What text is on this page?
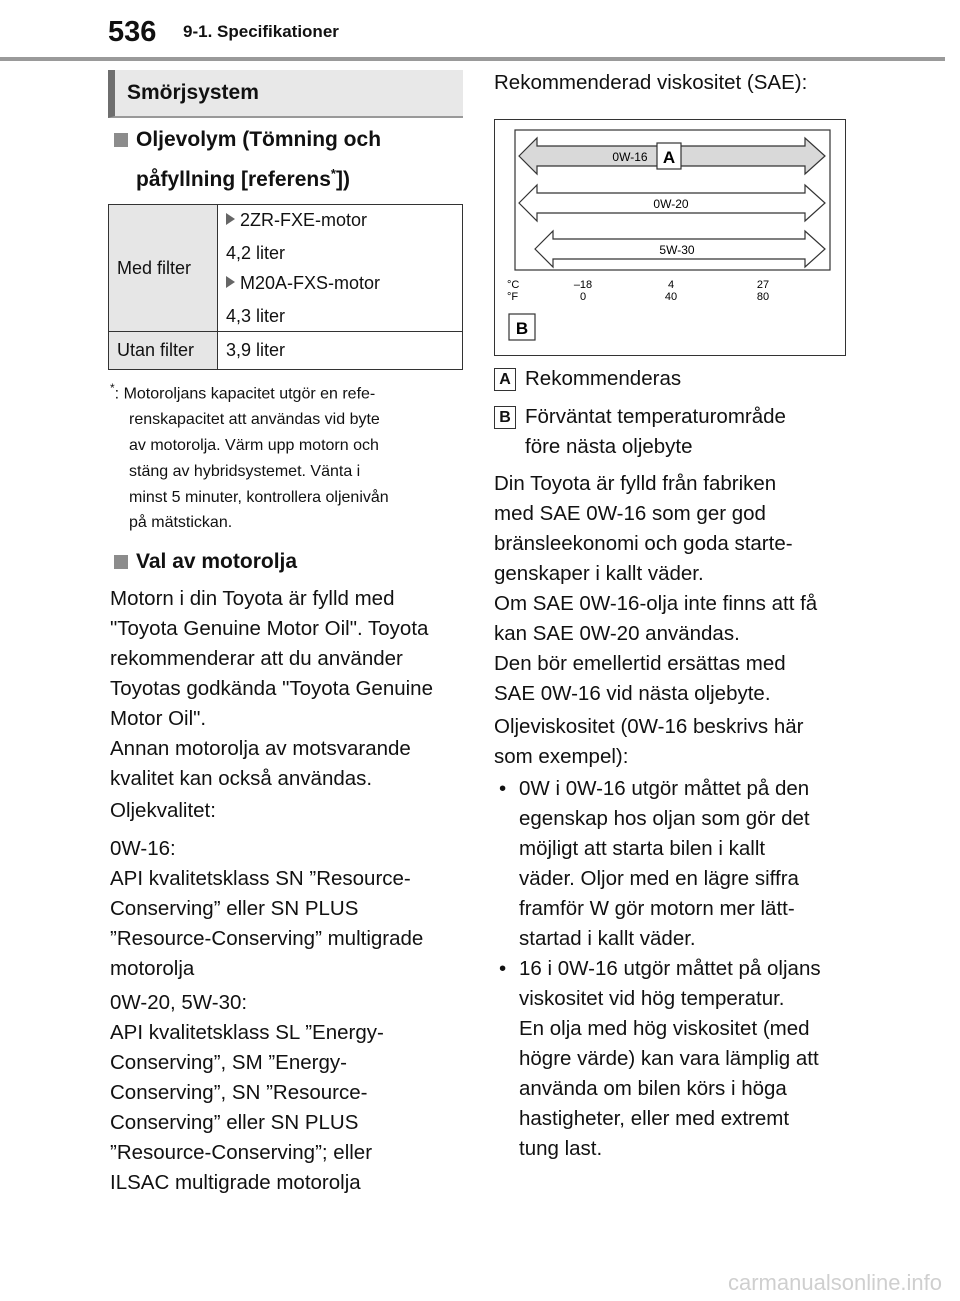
536 9-1. Specifikationer
Smörjsystem
Oljevolym (Tömning och
påfyllning [referens*])
Med filter	2ZR-FXE-motor
4,2 liter
M20A-FXS-motor
4,3 liter

Utan filter	3,9 liter
*: Motoroljans kapacitet utgör en refe-
renskapacitet att användas vid byte
av motorolja. Värm upp motorn och
stäng av hybridsystemet. Vänta i
minst 5 minuter, kontrollera oljenivån
på mätstickan.
Val av motorolja
Motorn i din Toyota är fylld med
"Toyota Genuine Motor Oil". Toyota
rekommenderar att du använder
Toyotas godkända "Toyota Genuine
Motor Oil".
Annan motorolja av motsvarande
kvalitet kan också användas.
Oljekvalitet:
0W-16:
API kvalitetsklass SN ”Resource-
Conserving” eller SN PLUS
”Resource-Conserving” multigrade
motorolja
0W-20, 5W-30:
API kvalitetsklass SL ”Energy-
Conserving”, SM ”Energy-
Conserving”, SN ”Resource-
Conserving” eller SN PLUS
”Resource-Conserving”; eller
ILSAC multigrade motorolja
Rekommenderad viskositet (SAE):
0W-16 A
0W-20
5W-30
°C
°F
–18
0
4
40
27
80
B
A Rekommenderas
B Förväntat temperaturområde
före nästa oljebyte
Din Toyota är fylld från fabriken
med SAE 0W-16 som ger god
bränsleekonomi och goda starte-
genskaper i kallt väder.
Om SAE 0W-16-olja inte finns att få
kan SAE 0W-20 användas.
Den bör emellertid ersättas med
SAE 0W-16 vid nästa oljebyte.
Oljeviskositet (0W-16 beskrivs här
som exempel):
• 0W i 0W-16 utgör måttet på den
egenskap hos oljan som gör det
möjligt att starta bilen i kallt
väder. Oljor med en lägre siffra
framför W gör motorn mer lätt-
startad i kallt väder.
• 16 i 0W-16 utgör måttet på oljans
viskositet vid hög temperatur.
En olja med hög viskositet (med
högre värde) kan vara lämplig att
använda om bilen körs i höga
hastigheter, eller med extremt
tung last.
carmanualsonline.info
